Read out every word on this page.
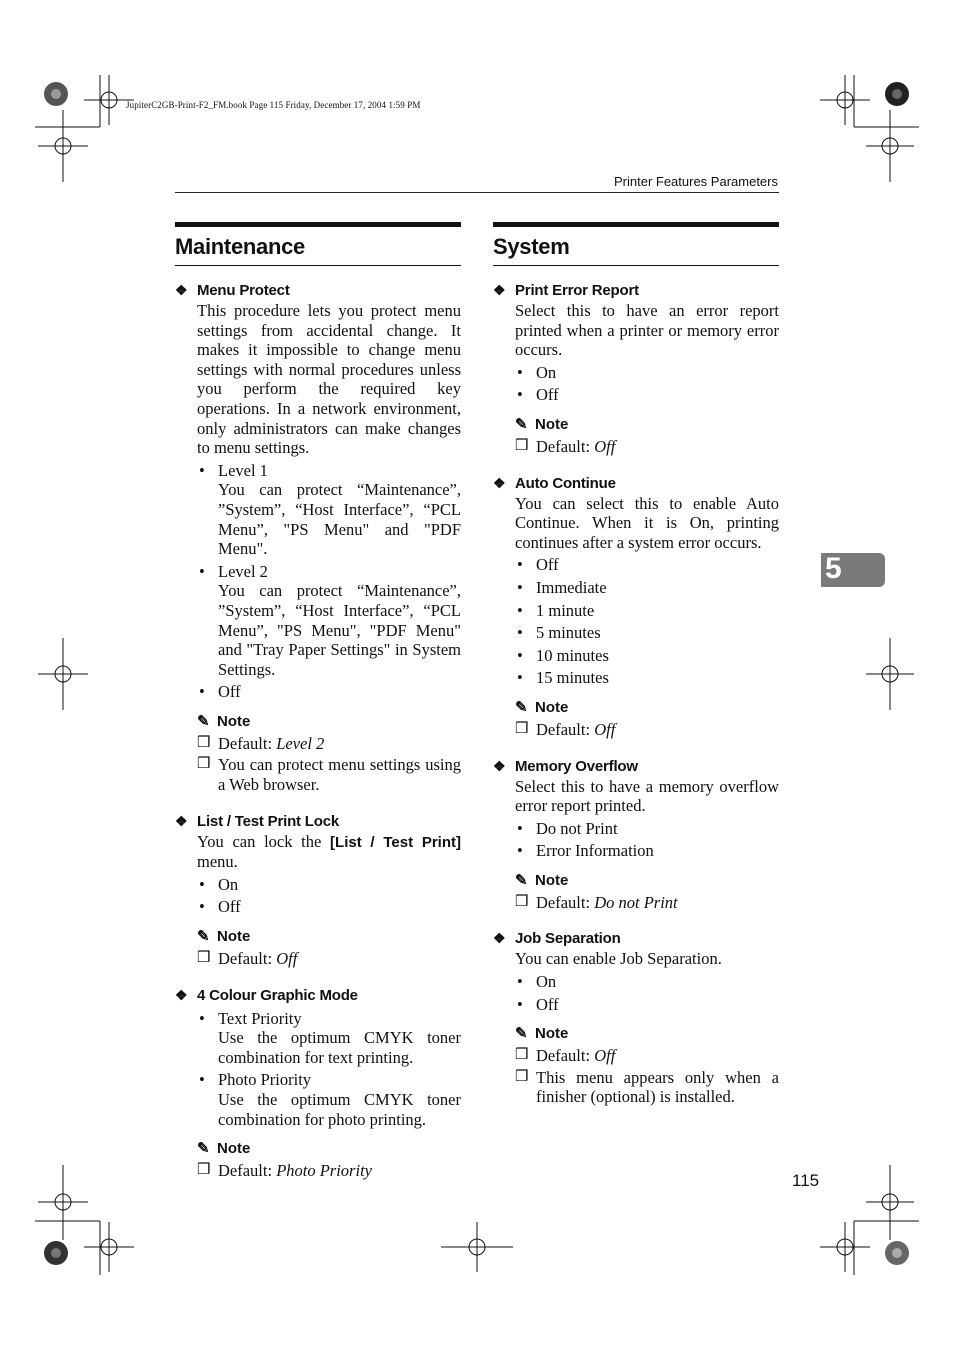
JupiterC2GB-Print-F2_FM.book Page 115 Friday, December 17, 2004 1:59 PM
Printer Features Parameters
5
115
Maintenance
❖ Menu Protect
This procedure lets you protect menu settings from accidental change. It makes it impossible to change menu settings with normal procedures unless you perform the required key operations. In a network environment, only administrators can make changes to menu settings.
• Level 1
You can protect “Maintenance”, ”System”, “Host Interface”, “PCL Menu”, "PS Menu" and "PDF Menu".
• Level 2
You can protect “Maintenance”, ”System”, “Host Interface”, “PCL Menu”, "PS Menu", "PDF Menu" and "Tray Paper Settings" in System Settings.
• Off
✎ Note
❒ Default: Level 2
❒ You can protect menu settings using a Web browser.
❖ List / Test Print Lock
You can lock the [List / Test Print] menu.
• On
• Off
✎ Note
❒ Default: Off
❖ 4 Colour Graphic Mode
• Text Priority
Use the optimum CMYK toner combination for text printing.
• Photo Priority
Use the optimum CMYK toner combination for photo printing.
✎ Note
❒ Default: Photo Priority
System
❖ Print Error Report
Select this to have an error report printed when a printer or memory error occurs.
• On
• Off
✎ Note
❒ Default: Off
❖ Auto Continue
You can select this to enable Auto Continue. When it is On, printing continues after a system error occurs.
• Off
• Immediate
• 1 minute
• 5 minutes
• 10 minutes
• 15 minutes
✎ Note
❒ Default: Off
❖ Memory Overflow
Select this to have a memory overflow error report printed.
• Do not Print
• Error Information
✎ Note
❒ Default: Do not Print
❖ Job Separation
You can enable Job Separation.
• On
• Off
✎ Note
❒ Default: Off
❒ This menu appears only when a finisher (optional) is installed.
